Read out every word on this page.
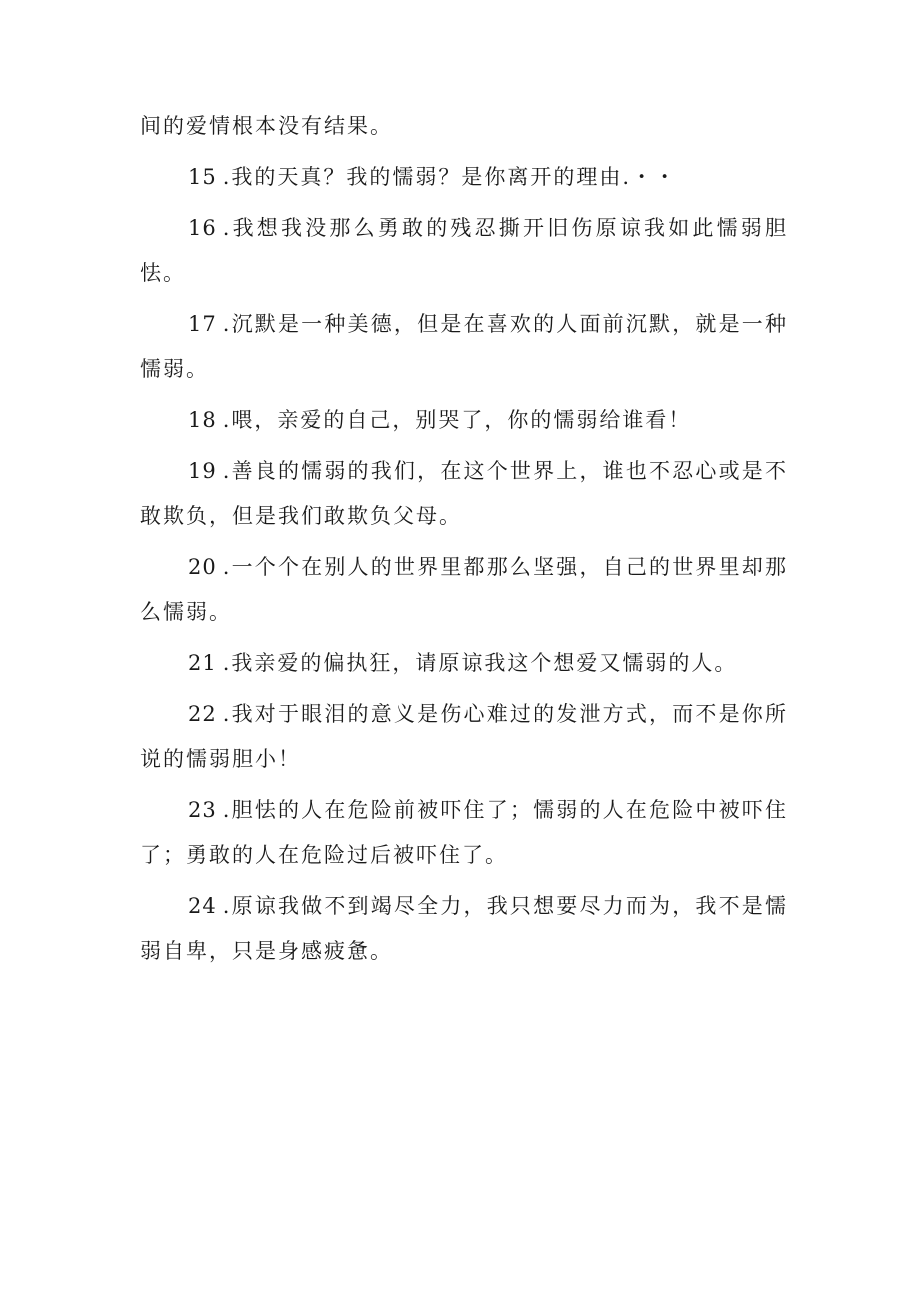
间的爱情根本没有结果。

15 .我的天真？我的懦弱？是你离开的理由.・・

16 .我想我没那么勇敢的残忍撕开旧伤原谅我如此懦弱胆怯。

17 .沉默是一种美德，但是在喜欢的人面前沉默，就是一种懦弱。

18 .喂，亲爱的自己，别哭了，你的懦弱给谁看！

19 .善良的懦弱的我们，在这个世界上，谁也不忍心或是不敢欺负，但是我们敢欺负父母。

20 .一个个在别人的世界里都那么坚强，自己的世界里却那么懦弱。

21 .我亲爱的偏执狂，请原谅我这个想爱又懦弱的人。

22 .我对于眼泪的意义是伤心难过的发泄方式，而不是你所说的懦弱胆小！

23 .胆怯的人在危险前被吓住了；懦弱的人在危险中被吓住了；勇敢的人在危险过后被吓住了。

24 .原谅我做不到竭尽全力，我只想要尽力而为，我不是懦弱自卑，只是身感疲惫。
